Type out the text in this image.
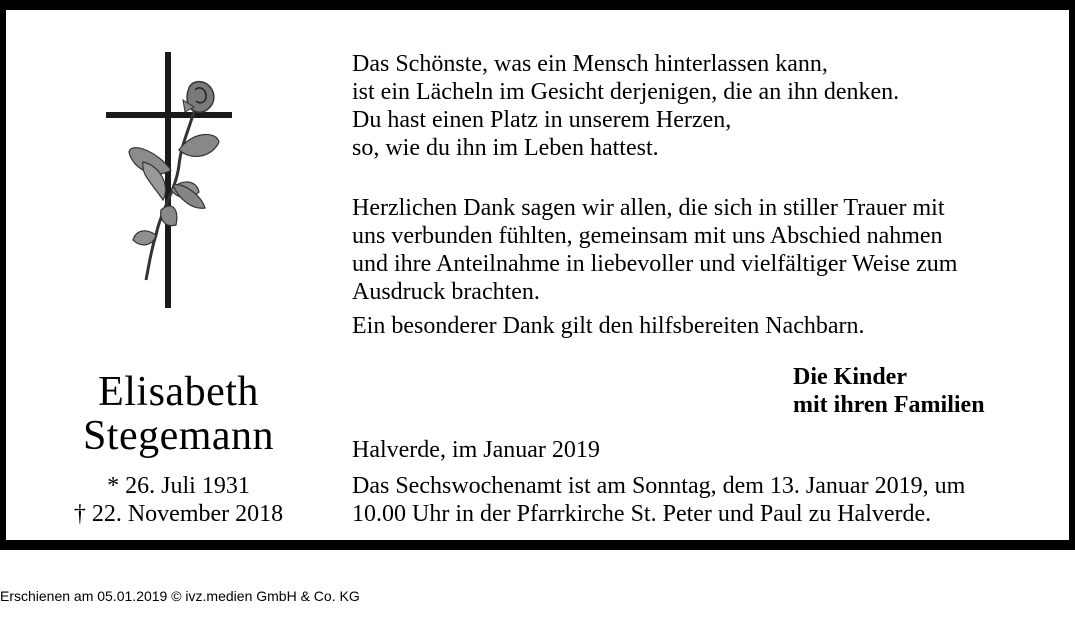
Elisabeth
Stegemann
* 26. Juli 1931
† 22. November 2018
Das Schönste, was ein Mensch hinterlassen kann,
ist ein Lächeln im Gesicht derjenigen, die an ihn denken.
Du hast einen Platz in unserem Herzen,
so, wie du ihn im Leben hattest.
Herzlichen Dank sagen wir allen, die sich in stiller Trauer mit
uns verbunden fühlten, gemeinsam mit uns Abschied nahmen
und ihre Anteilnahme in liebevoller und vielfältiger Weise zum
Ausdruck brachten.
Ein besonderer Dank gilt den hilfsbereiten Nachbarn.
Die Kinder
mit ihren Familien
Halverde, im Januar 2019
Das Sechswochenamt ist am Sonntag, dem 13. Januar 2019, um
10.00 Uhr in der Pfarrkirche St. Peter und Paul zu Halverde.
Erschienen am 05.01.2019 © ivz.medien GmbH & Co. KG
